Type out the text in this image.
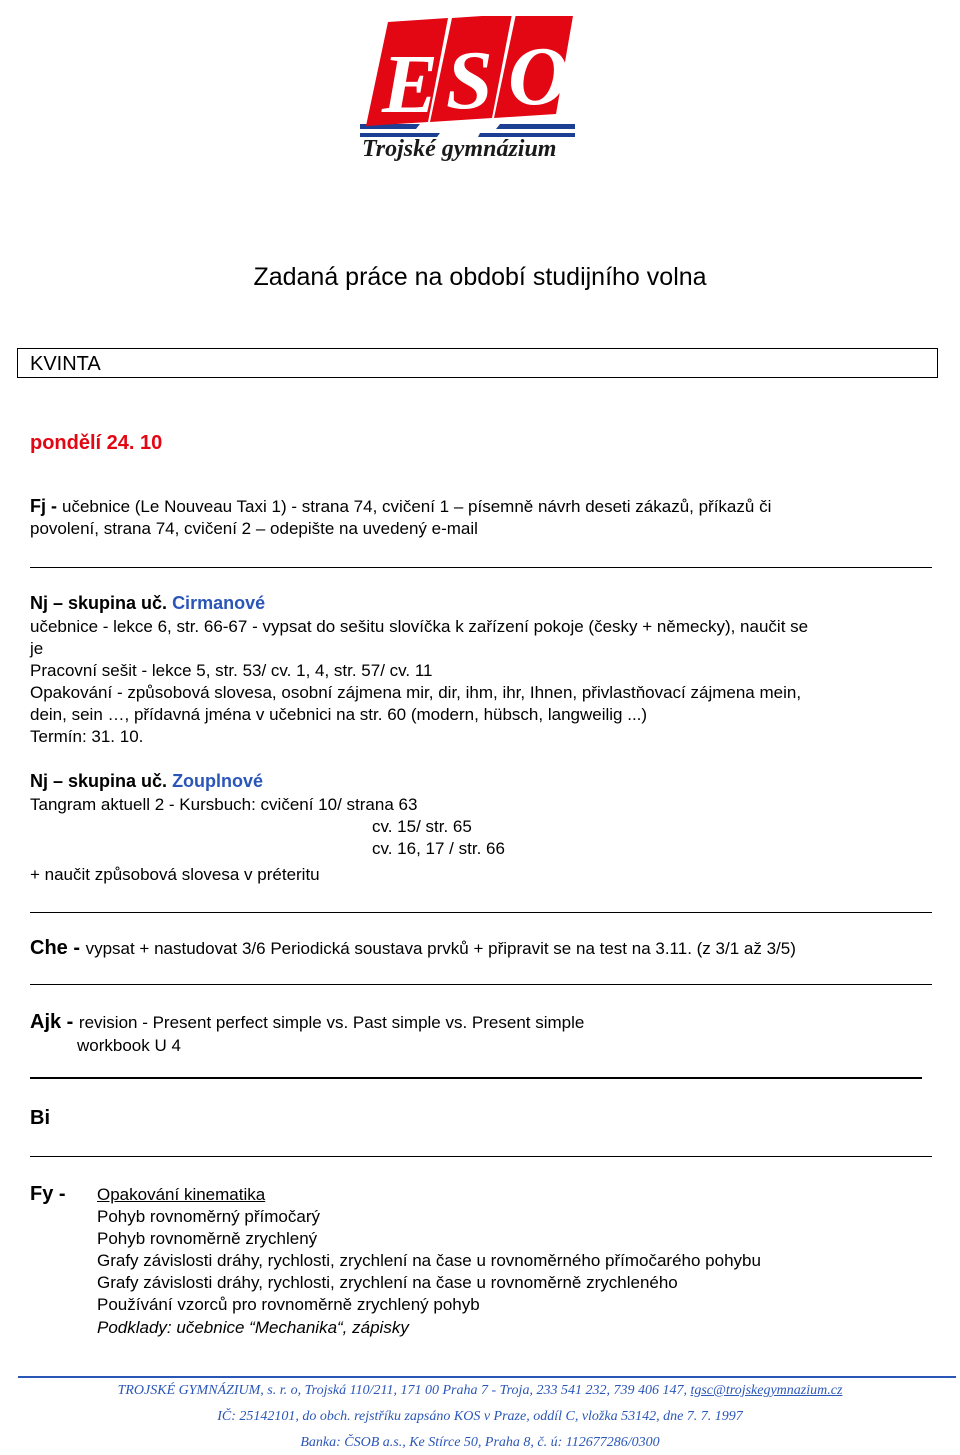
E S O
Trojské gymnázium
Zadaná práce na období studijního volna
KVINTA
pondělí 24. 10
Fj - učebnice (Le Nouveau Taxi 1) - strana 74, cvičení 1 – písemně návrh deseti zákazů, příkazů či
povolení, strana 74, cvičení 2 – odepište na uvedený e-mail
Nj – skupina uč. Cirmanové
učebnice - lekce 6, str. 66-67 - vypsat do sešitu slovíčka k zařízení pokoje (česky + německy), naučit se
je
Pracovní sešit - lekce 5, str. 53/ cv. 1, 4, str. 57/ cv. 11
Opakování - způsobová slovesa, osobní zájmena mir, dir, ihm, ihr, Ihnen, přivlastňovací zájmena mein,
dein, sein …, přídavná jména v učebnici na str. 60 (modern, hübsch, langweilig ...)
Termín: 31. 10.
Nj – skupina uč. Zouplnové
Tangram aktuell 2 - Kursbuch: cvičení 10/ strana 63
cv. 15/ str. 65
cv. 16, 17 / str. 66
+ naučit způsobová slovesa v préteritu
Che - vypsat + nastudovat 3/6 Periodická soustava prvků + připravit se na test na 3.11. (z 3/1 až 3/5)
Ajk - revision - Present perfect simple vs. Past simple vs. Present simple
workbook U 4
Bi
Fy - Opakování kinematika
Pohyb rovnoměrný přímočarý
Pohyb rovnoměrně zrychlený
Grafy závislosti dráhy, rychlosti, zrychlení na čase u rovnoměrného přímočarého pohybu
Grafy závislosti dráhy, rychlosti, zrychlení na čase u rovnoměrně zrychleného
Používání vzorců pro rovnoměrně zrychlený pohyb
Podklady: učebnice “Mechanika“, zápisky
TROJSKÉ GYMNÁZIUM, s. r. o, Trojská 110/211, 171 00 Praha 7 - Troja, 233 541 232, 739 406 147, tgsc@trojskegymnazium.cz
IČ: 25142101, do obch. rejstříku zapsáno KOS v Praze, oddíl C, vložka 53142, dne 7. 7. 1997
Banka: ČSOB a.s., Ke Stírce 50, Praha 8, č. ú: 112677286/0300
